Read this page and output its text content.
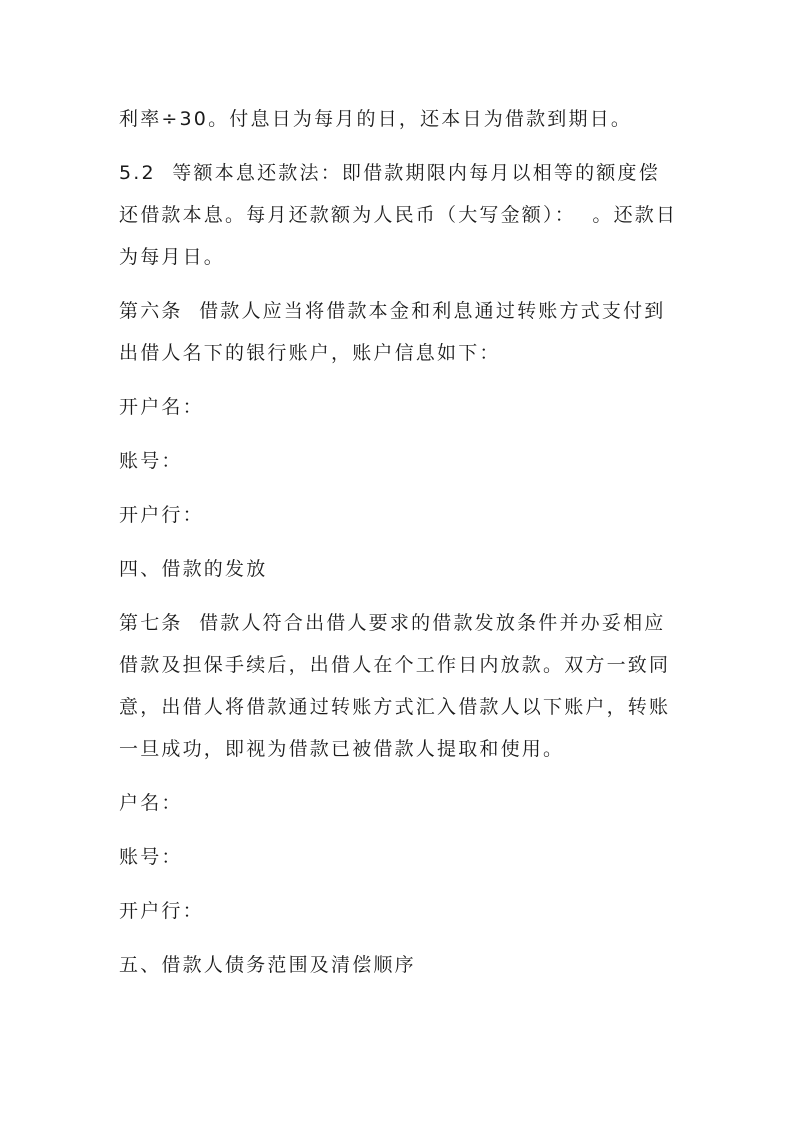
利率÷30。付息日为每月的日，还本日为借款到期日。

5.2  等额本息还款法：即借款期限内每月以相等的额度偿还借款本息。每月还款额为人民币（大写金额）：  。还款日为每月日。

第六条  借款人应当将借款本金和利息通过转账方式支付到出借人名下的银行账户，账户信息如下：

开户名：

账号：

开户行：

四、借款的发放

第七条  借款人符合出借人要求的借款发放条件并办妥相应借款及担保手续后，出借人在个工作日内放款。双方一致同意，出借人将借款通过转账方式汇入借款人以下账户，转账一旦成功，即视为借款已被借款人提取和使用。

户名：

账号：

开户行：

五、借款人债务范围及清偿顺序
